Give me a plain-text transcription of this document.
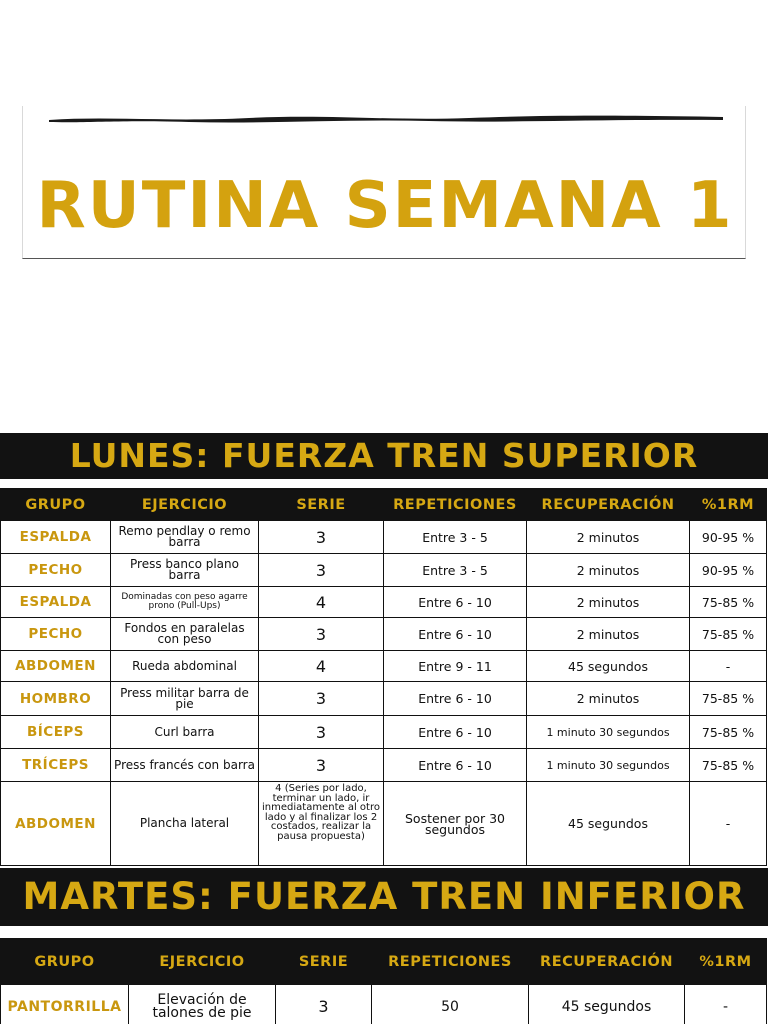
RUTINA SEMANA 1
LUNES: FUERZA TREN SUPERIOR
GRUPO	EJERCICIO	SERIE	REPETICIONES	RECUPERACIÓN	%1RM
ESPALDA	Remo pendlay o remo barra	3	Entre 3 - 5	2 minutos	90-95 %
PECHO	Press banco plano barra	3	Entre 3 - 5	2 minutos	90-95 %
ESPALDA	Dominadas con peso agarre prono (Pull-Ups)	4	Entre 6 - 10	2 minutos	75-85 %
PECHO	Fondos en paralelas con peso	3	Entre 6 - 10	2 minutos	75-85 %
ABDOMEN	Rueda abdominal	4	Entre 9 - 11	45 segundos	-
HOMBRO	Press militar barra de pie	3	Entre 6 - 10	2 minutos	75-85 %
BÍCEPS	Curl barra	3	Entre 6 - 10	1 minuto 30 segundos	75-85 %
TRÍCEPS	Press francés con barra	3	Entre 6 - 10	1 minuto 30 segundos	75-85 %
ABDOMEN	Plancha lateral	4 (Series por lado, terminar un lado, ir inmediatamente al otro lado y al finalizar los 2 costados, realizar la pausa propuesta)	Sostener por 30 segundos	45 segundos	-
MARTES: FUERZA TREN INFERIOR
GRUPO	EJERCICIO	SERIE	REPETICIONES	RECUPERACIÓN	%1RM
PANTORRILLA	Elevación de talones de pie	3	50	45 segundos	-
